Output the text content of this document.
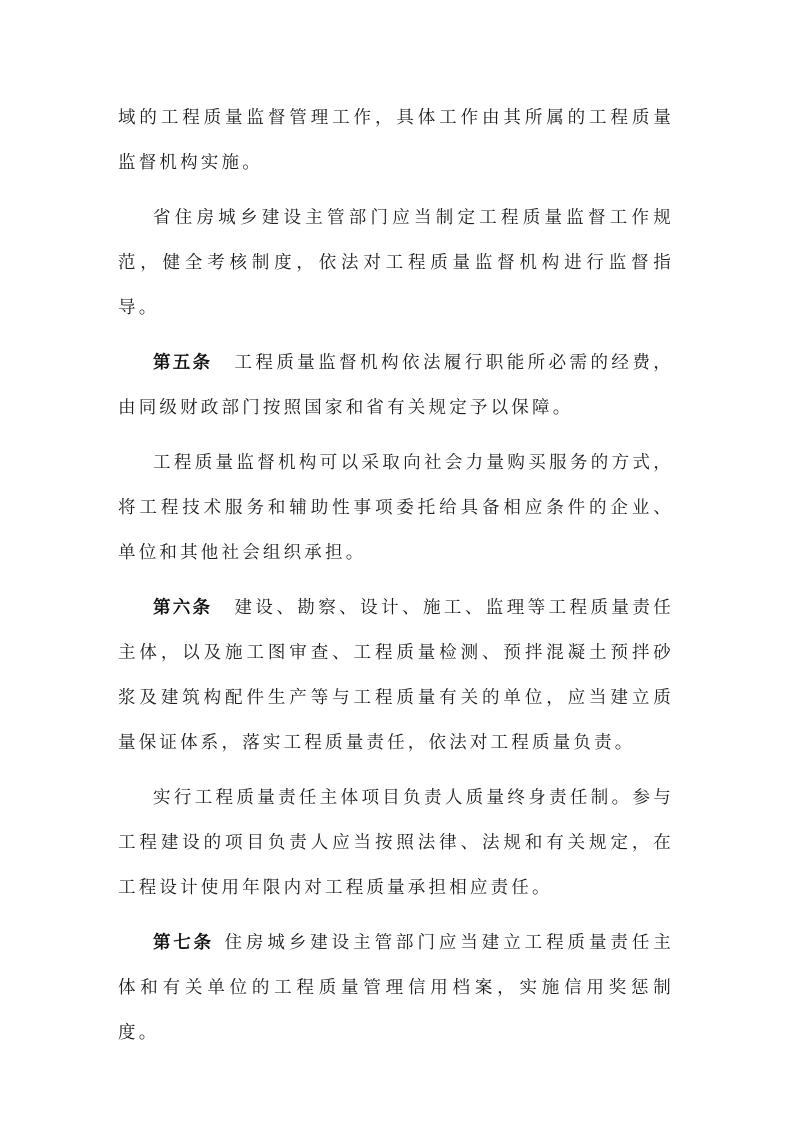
域的工程质量监督管理工作，具体工作由其所属的工程质量监督机构实施。

省住房城乡建设主管部门应当制定工程质量监督工作规范，健全考核制度，依法对工程质量监督机构进行监督指导。

第五条 工程质量监督机构依法履行职能所必需的经费，由同级财政部门按照国家和省有关规定予以保障。

工程质量监督机构可以采取向社会力量购买服务的方式，将工程技术服务和辅助性事项委托给具备相应条件的企业、单位和其他社会组织承担。

第六条 建设、勘察、设计、施工、监理等工程质量责任主体，以及施工图审查、工程质量检测、预拌混凝土预拌砂浆及建筑构配件生产等与工程质量有关的单位，应当建立质量保证体系，落实工程质量责任，依法对工程质量负责。

实行工程质量责任主体项目负责人质量终身责任制。参与工程建设的项目负责人应当按照法律、法规和有关规定，在工程设计使用年限内对工程质量承担相应责任。

第七条 住房城乡建设主管部门应当建立工程质量责任主体和有关单位的工程质量管理信用档案，实施信用奖惩制度。
